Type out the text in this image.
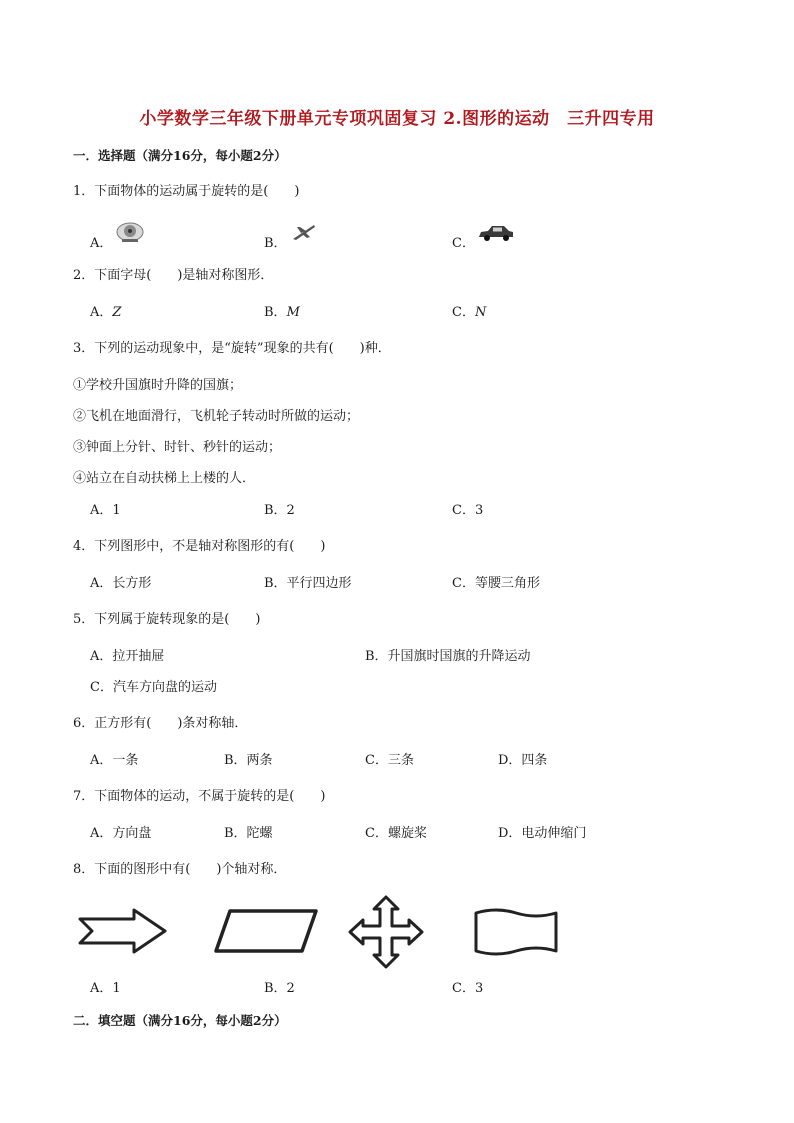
小学数学三年级下册单元专项巩固复习 2.图形的运动　三升四专用
一．选择题（满分16分，每小题2分）
1．下面物体的运动属于旋转的是(　　)
A．	B．	C．
2．下面字母(　　)是轴对称图形．
A．Z	B．M	C．N
3．下列的运动现象中，是“旋转”现象的共有(　　)种．
①学校升国旗时升降的国旗；
②飞机在地面滑行，飞机轮子转动时所做的运动；
③钟面上分针、时针、秒针的运动；
④站立在自动扶梯上上楼的人．
A．1	B．2	C．3
4．下列图形中，不是轴对称图形的有(　　)
A．长方形	B．平行四边形	C．等腰三角形
5．下列属于旋转现象的是(　　)
A．拉开抽屉	B．升国旗时国旗的升降运动
C．汽车方向盘的运动
6．正方形有(　　)条对称轴．
A．一条	B．两条	C．三条	D．四条
7．下面物体的运动，不属于旋转的是(　　)
A．方向盘	B．陀螺	C．螺旋桨	D．电动伸缩门
8．下面的图形中有(　　)个轴对称．
A．1	B．2	C．3
二．填空题（满分16分，每小题2分）
